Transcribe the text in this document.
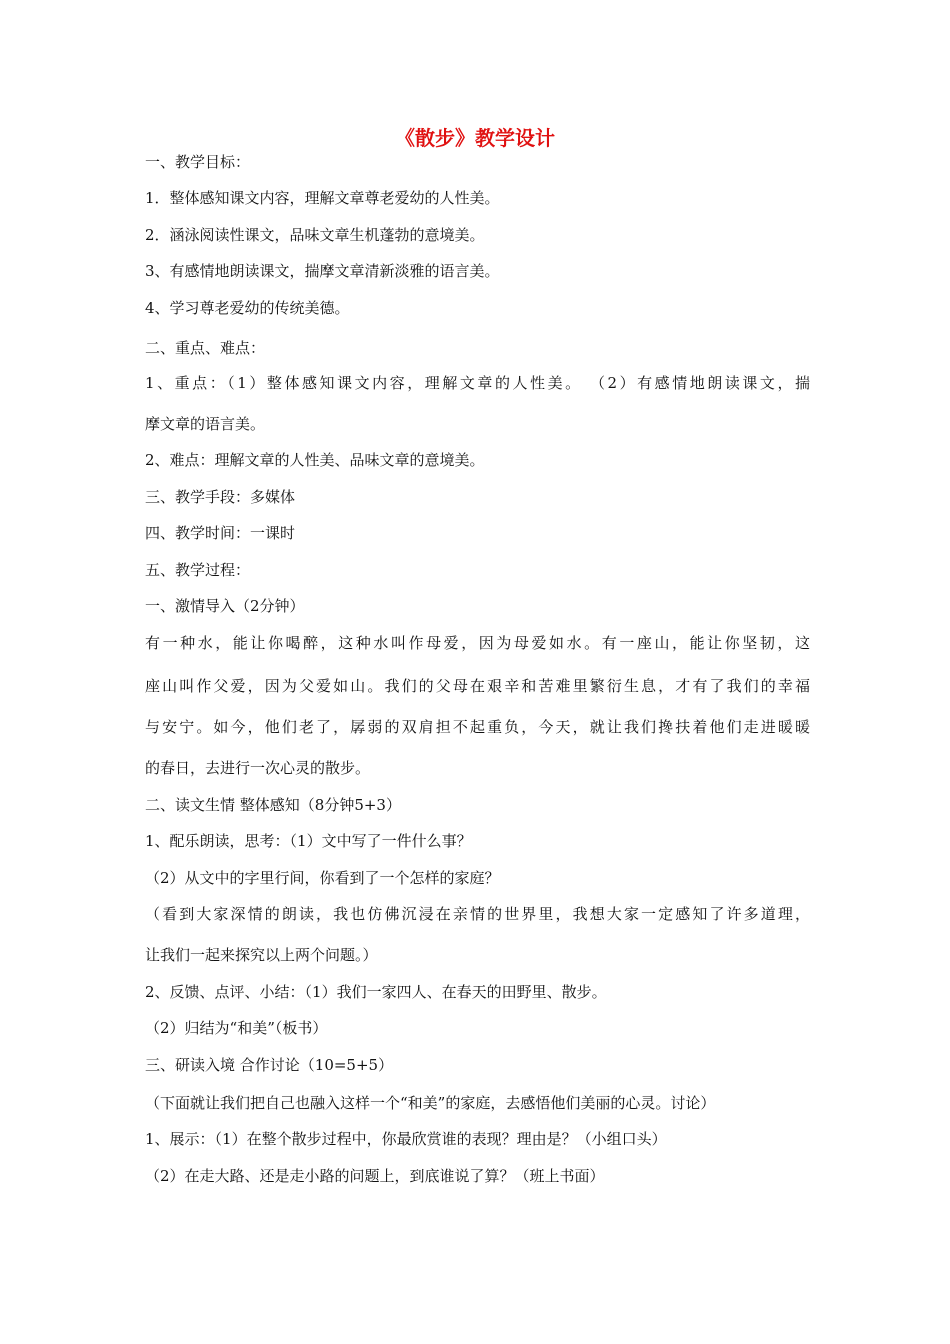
《散步》教学设计
一、教学目标：
1．整体感知课文内容，理解文章尊老爱幼的人性美。
2．涵泳阅读性课文，品味文章生机蓬勃的意境美。
3、有感情地朗读课文，揣摩文章清新淡雅的语言美。
4、学习尊老爱幼的传统美德。
二、重点、难点：
1、重点：（1）整体感知课文内容，理解文章的人性美。 （2）有感情地朗读课文，揣
摩文章的语言美。
2、难点：理解文章的人性美、品味文章的意境美。
三、教学手段：多媒体
四、教学时间：一课时
五、教学过程：
一、激情导入（2分钟）
有一种水，能让你喝醉，这种水叫作母爱，因为母爱如水。有一座山，能让你坚韧，这
座山叫作父爱，因为父爱如山。我们的父母在艰辛和苦难里繁衍生息，才有了我们的幸福
与安宁。如今，他们老了，孱弱的双肩担不起重负，今天，就让我们搀扶着他们走进暖暖
的春日，去进行一次心灵的散步。
二、读文生情 整体感知（8分钟5+3）
1、配乐朗读，思考：（1）文中写了一件什么事？
（2）从文中的字里行间，你看到了一个怎样的家庭？
（看到大家深情的朗读，我也仿佛沉浸在亲情的世界里，我想大家一定感知了许多道理，
让我们一起来探究以上两个问题。）
2、反馈、点评、小结：（1）我们一家四人、在春天的田野里、散步。
（2）归结为“和美”（板书）
三、研读入境 合作讨论（10=5+5）
（下面就让我们把自己也融入这样一个“和美”的家庭，去感悟他们美丽的心灵。讨论）
1、展示：（1）在整个散步过程中，你最欣赏谁的表现？理由是？（小组口头）
（2）在走大路、还是走小路的问题上，到底谁说了算？（班上书面）
